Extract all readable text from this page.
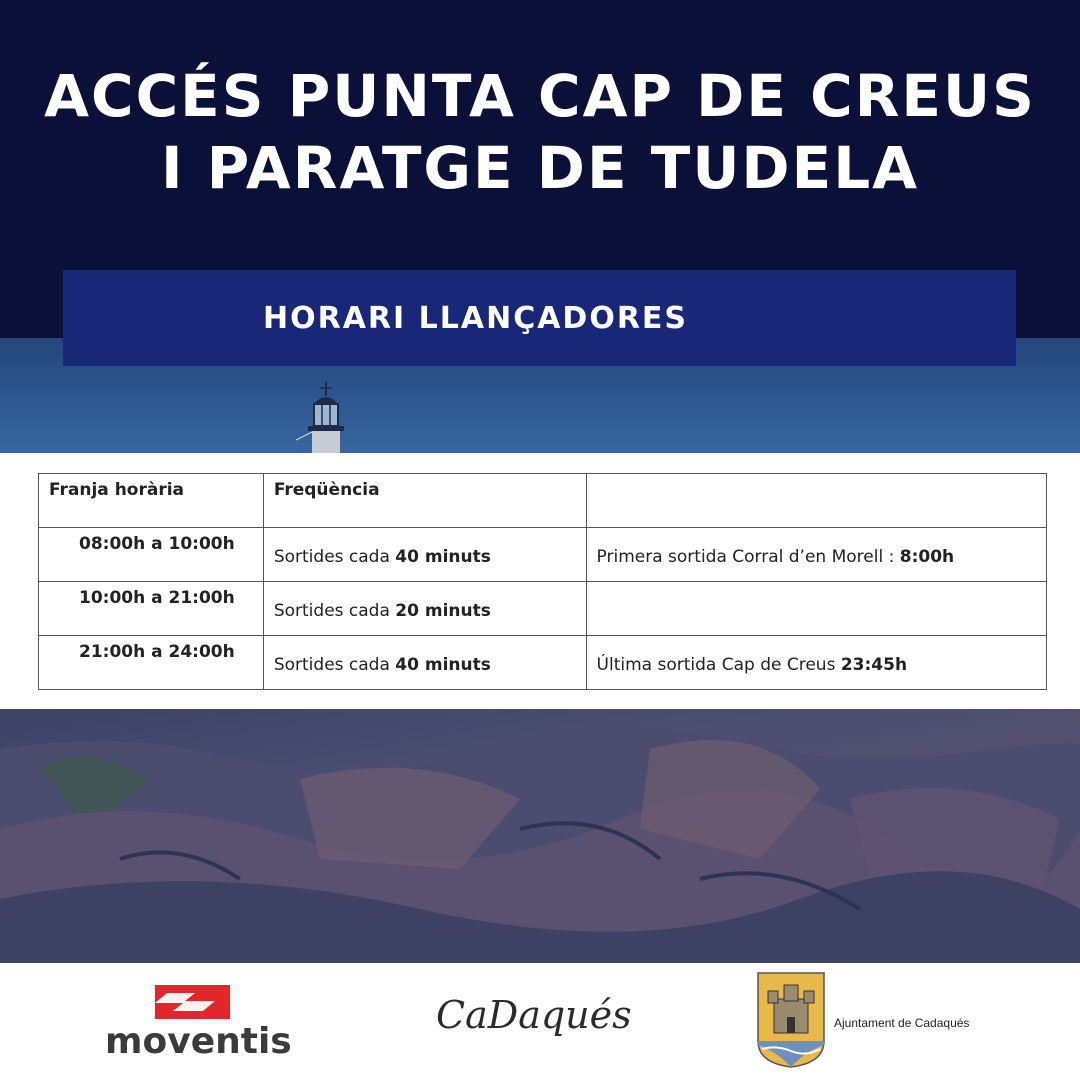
ACCÉS PUNTA CAP DE CREUS
I PARATGE DE TUDELA
HORARI LLANÇADORES
Franja horària	Freqüència	
08:00h a 10:00h	Sortides cada 40 minuts	Primera sortida Corral d’en Morell : 8:00h
10:00h a 21:00h	Sortides cada 20 minuts	
21:00h a 24:00h	Sortides cada 40 minuts	Última sortida Cap de Creus 23:45h
moventis
CaDaqués	Ajuntament de Cadaqués
